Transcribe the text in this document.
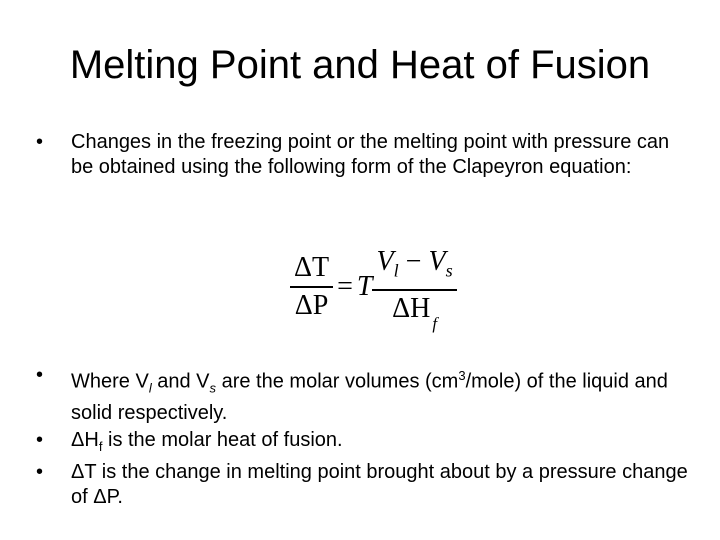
Melting Point and Heat of Fusion
•	Changes in the freezing point or the melting point with pressure can be obtained using the following form of the Clapeyron equation:
•	Where $V_l$ and $V_s$ are the molar volumes $(cm^3/mole)$ of the liquid and solid respectively.
•	$\Delta H_f$ is the molar heat of fusion.
•	ΔT is the change in melting point brought about by a pressure change of ΔP.
$\frac{\Delta T}{\Delta P} = T \frac{V_l - V_s}{\Delta H _f}$
